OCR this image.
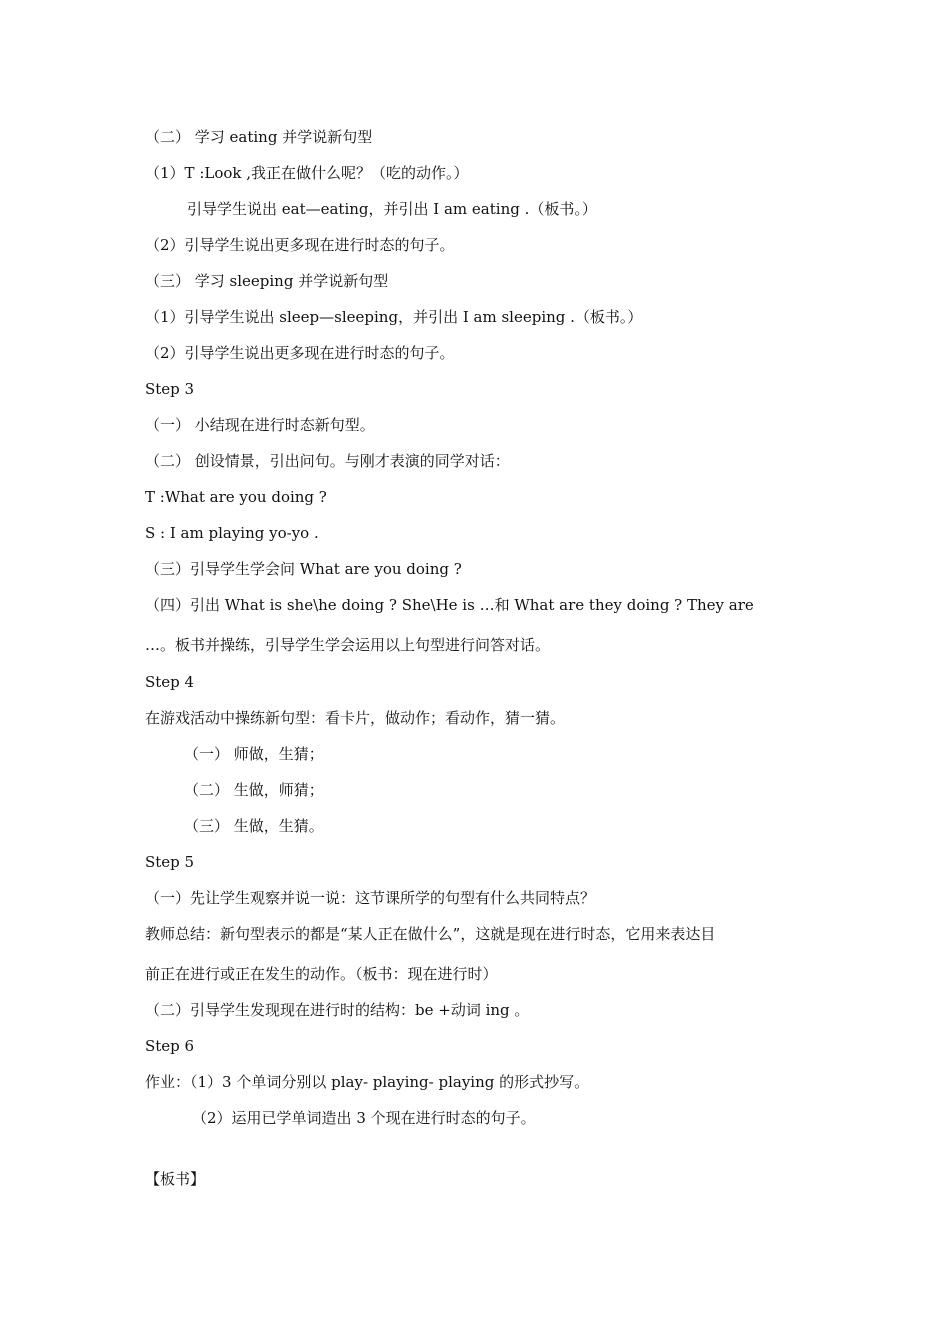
（二） 学习 eating 并学说新句型
（1）T :Look ,我正在做什么呢？（吃的动作。）
引导学生说出 eat—eating，并引出 I am eating .（板书。）
（2）引导学生说出更多现在进行时态的句子。
（三） 学习 sleeping 并学说新句型
（1）引导学生说出 sleep—sleeping，并引出 I am sleeping .（板书。）
（2）引导学生说出更多现在进行时态的句子。
Step 3
（一） 小结现在进行时态新句型。
（二） 创设情景，引出问句。与刚才表演的同学对话：
T :What are you doing ?
S : I am playing yo-yo .
（三）引导学生学会问 What are you doing ?
（四）引出 What is she\he doing ? She\He is …和 What are they doing ? They are
…。板书并操练，引导学生学会运用以上句型进行问答对话。
Step 4
在游戏活动中操练新句型：看卡片，做动作；看动作，猜一猜。
（一） 师做，生猜；
（二） 生做，师猜；
（三） 生做，生猜。
Step 5
（一）先让学生观察并说一说：这节课所学的句型有什么共同特点？
教师总结：新句型表示的都是“某人正在做什么”，这就是现在进行时态，它用来表达目
前正在进行或正在发生的动作。（板书：现在进行时）
（二）引导学生发现现在进行时的结构：be +动词 ing 。
Step 6
作业：（1）3 个单词分别以 play- playing- playing 的形式抄写。
（2）运用已学单词造出 3 个现在进行时态的句子。
【板书】
